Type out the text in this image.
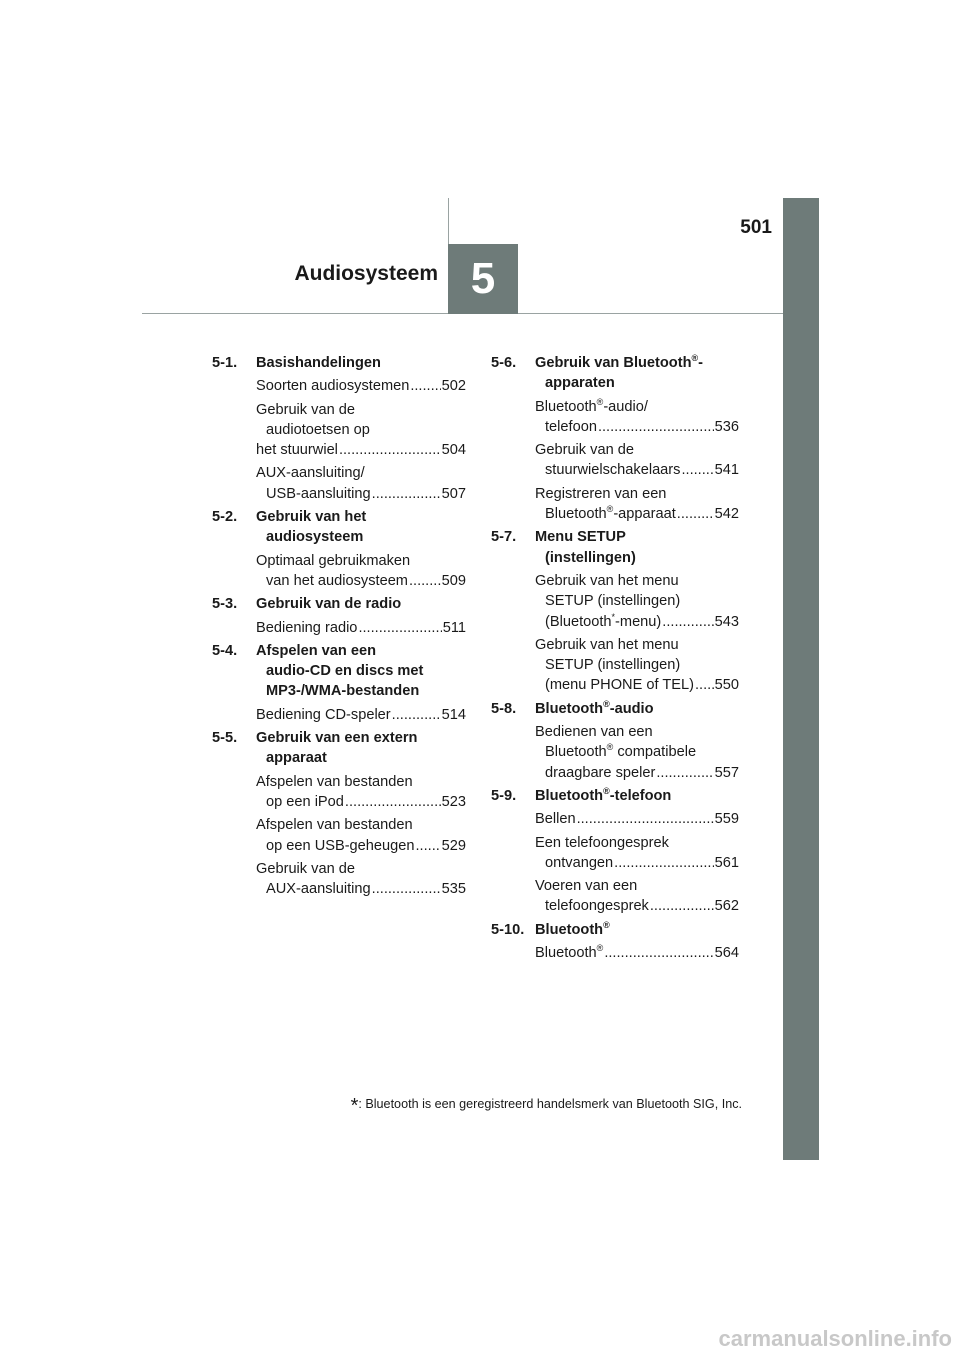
5
Audiosysteem
501
5-1.	Basishandelingen
Soorten audiosystemen ..... 502
Gebruik van de
audiotoetsen op
het stuurwiel .....	504
AUX-aansluiting/
USB-aansluiting .....	507
5-2.	Gebruik van het
audiosysteem
Optimaal gebruikmaken
van het audiosysteem ..... 509
5-3.	Gebruik van de radio
Bediening radio .....	511
5-4.	Afspelen van een
audio-CD en discs met
MP3-/WMA-bestanden
Bediening CD-speler .....	514
5-5.	Gebruik van een extern
apparaat
Afspelen van bestanden
op een iPod .....	523
Afspelen van bestanden
op een USB-geheugen ..... 529
Gebruik van de
AUX-aansluiting .....	535
5-6.	Gebruik van Bluetooth®-
apparaten
Bluetooth®-audio/
telefoon .....	536
Gebruik van de
stuurwielschakelaars ..... 541
Registreren van een
Bluetooth®-apparaat .....	542
5-7.	Menu SETUP
(instellingen)
Gebruik van het menu
SETUP (instellingen)
(Bluetooth*-menu) .....	543
Gebruik van het menu
SETUP (instellingen)
(menu PHONE of TEL) ..... 550
5-8.	Bluetooth®-audio
Bedienen van een
Bluetooth® compatibele
draagbare speler .....	557
5-9.	Bluetooth®-telefoon
Bellen .....	559
Een telefoongesprek
ontvangen .....	561
Voeren van een
telefoongesprek .....	562
5-10. Bluetooth®
Bluetooth® .....	564
*: Bluetooth is een geregistreerd handelsmerk van Bluetooth SIG, Inc.
carmanualsonline.info
